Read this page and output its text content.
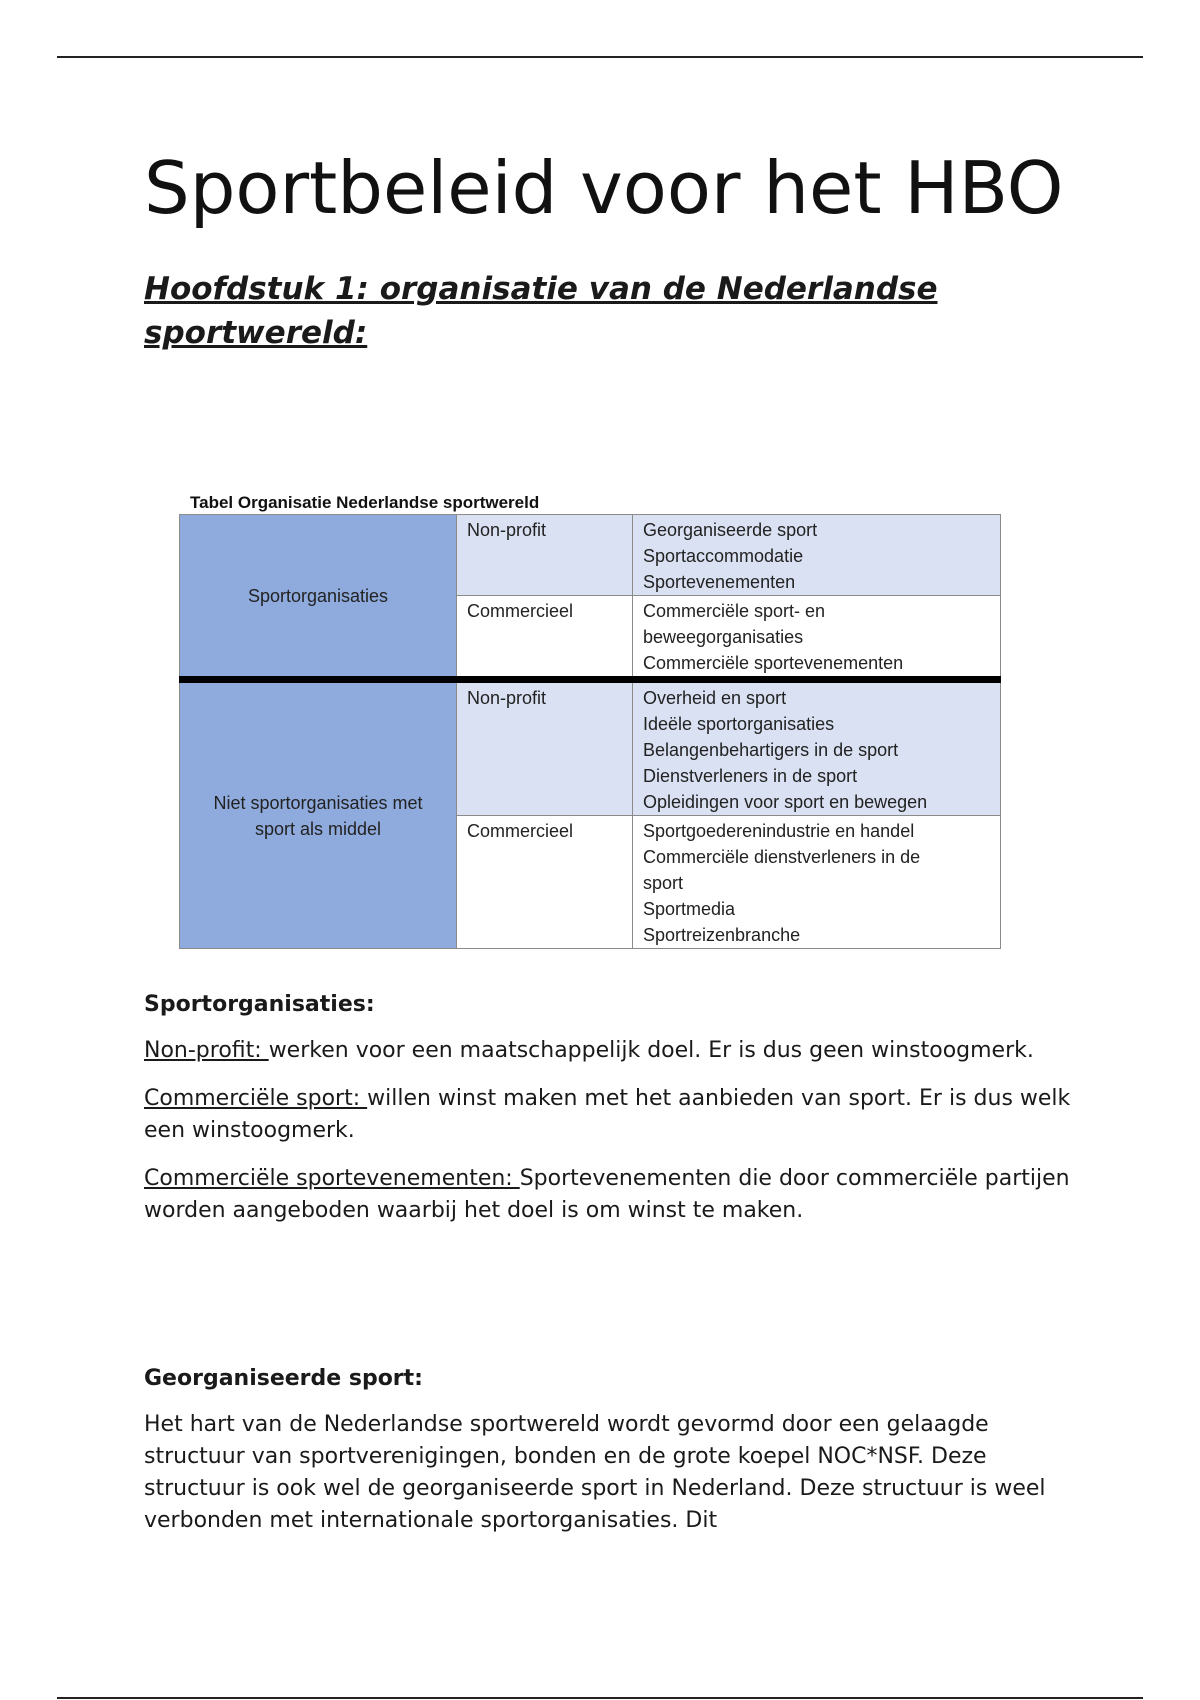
Sportbeleid voor het HBO
Hoofdstuk 1: organisatie van de Nederlandse sportwereld:
Tabel Organisatie Nederlandse sportwereld
Sportorganisaties	Non-profit	Georganiseerde sport
Sportaccommodatie
Sportevenementen

	Commercieel	Commerciële sport- en
beweegorganisaties
Commerciële sportevenementen

Niet sportorganisaties met sport als middel	Non-profit	Overheid en sport
Ideële sportorganisaties
Belangenbehartigers in de sport
Dienstverleners in de sport
Opleidingen voor sport en bewegen

	Commercieel	Sportgoederenindustrie en handel
Commerciële dienstverleners in de
sport
Sportmedia
Sportreizenbranche

Sportorganisaties:

Non-profit: werken voor een maatschappelijk doel. Er is dus geen winstoogmerk.

Commerciële sport: willen winst maken met het aanbieden van sport. Er is dus welk een winstoogmerk.

Commerciële sportevenementen: Sportevenementen die door commerciële partijen worden aangeboden waarbij het doel is om winst te maken.

Georganiseerde sport:

Het hart van de Nederlandse sportwereld wordt gevormd door een gelaagde structuur van sportverenigingen, bonden en de grote koepel NOC*NSF. Deze structuur is ook wel de georganiseerde sport in Nederland. Deze structuur is weel verbonden met internationale sportorganisaties. Dit
